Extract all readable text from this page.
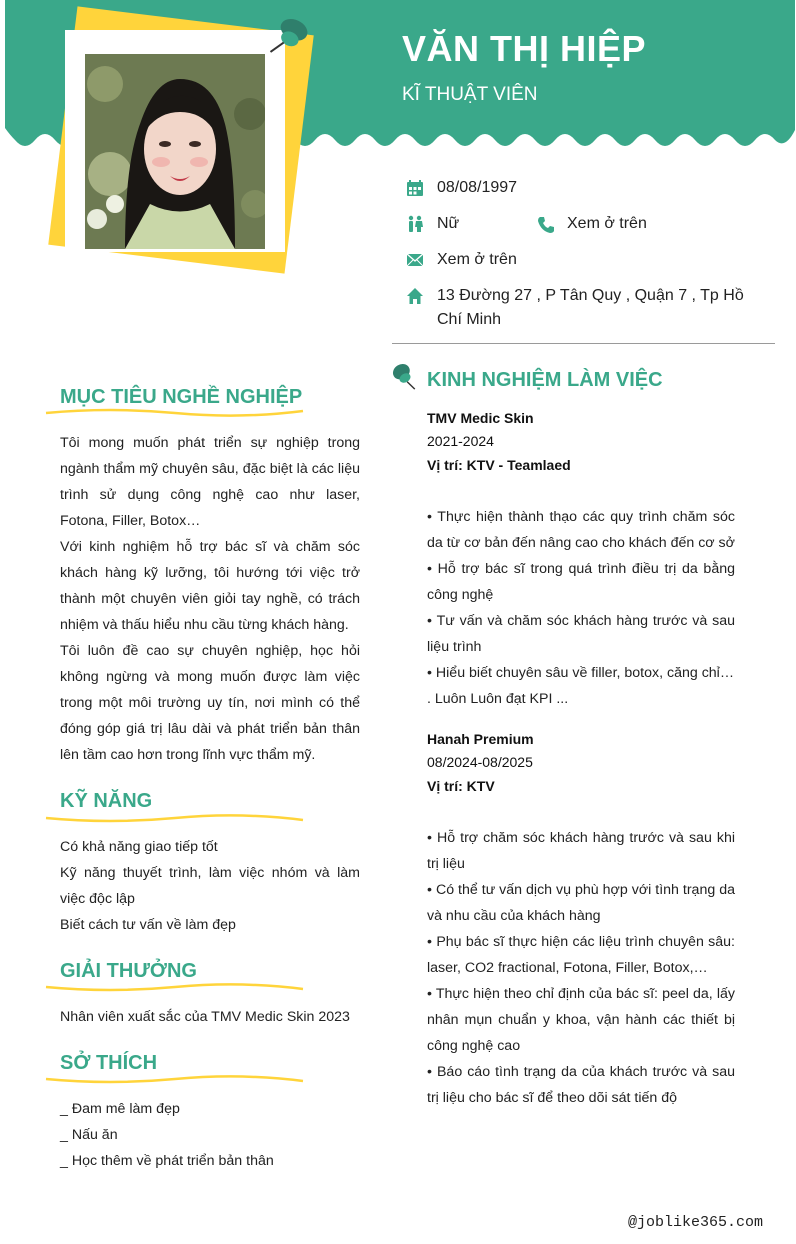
VĂN THỊ HIỆP
KĨ THUẬT VIÊN
08/08/1997
Nữ	Xem ở trên
Xem ở trên
13 Đường 27 , P Tân Quy , Quận 7 , Tp Hồ Chí Minh
MỤC TIÊU NGHỀ NGHIỆP

Tôi mong muốn phát triển sự nghiệp trong ngành thẩm mỹ chuyên sâu, đặc biệt là các liệu trình sử dụng công nghệ cao như laser, Fotona, Filler, Botox…

Với kinh nghiệm hỗ trợ bác sĩ và chăm sóc khách hàng kỹ lưỡng, tôi hướng tới việc trở thành một chuyên viên giỏi tay nghề, có trách nhiệm và thấu hiểu nhu cầu từng khách hàng.

Tôi luôn đề cao sự chuyên nghiệp, học hỏi không ngừng và mong muốn được làm việc trong một môi trường uy tín, nơi mình có thể đóng góp giá trị lâu dài và phát triển bản thân lên tầm cao hơn trong lĩnh vực thẩm mỹ.

KỸ NĂNG
Có khả năng giao tiếp tốt
Kỹ năng thuyết trình, làm việc nhóm và làm việc độc lập
Biết cách tư vấn về làm đẹp
GIẢI THƯỞNG
Nhân viên xuất sắc của TMV Medic Skin 2023
SỞ THÍCH
_ Đam mê làm đẹp
_ Nấu ăn
_ Học thêm về phát triển bản thân
KINH NGHIỆM LÀM VIỆC
TMV Medic Skin
2021-2024
Vị trí: KTV - Teamlaed
• Thực hiện thành thạo các quy trình chăm sóc da từ cơ bản đến nâng cao cho khách đến cơ sở
• Hỗ trợ bác sĩ trong quá trình điều trị da bằng công nghệ
• Tư vấn và chăm sóc khách hàng trước và sau liệu trình
• Hiểu biết chuyên sâu về filler, botox, căng chỉ…
. Luôn Luôn đạt KPI ...
Hanah Premium
08/2024-08/2025
Vị trí: KTV
• Hỗ trợ chăm sóc khách hàng trước và sau khi trị liệu
• Có thể tư vấn dịch vụ phù hợp với tình trạng da và nhu cầu của khách hàng
• Phụ bác sĩ thực hiện các liệu trình chuyên sâu: laser, CO2 fractional, Fotona, Filler, Botox,…
• Thực hiện theo chỉ định của bác sĩ: peel da, lấy nhân mụn chuẩn y khoa, vận hành các thiết bị công nghệ cao
• Báo cáo tình trạng da của khách trước và sau trị liệu cho bác sĩ để theo dõi sát tiến độ
@joblike365.com
